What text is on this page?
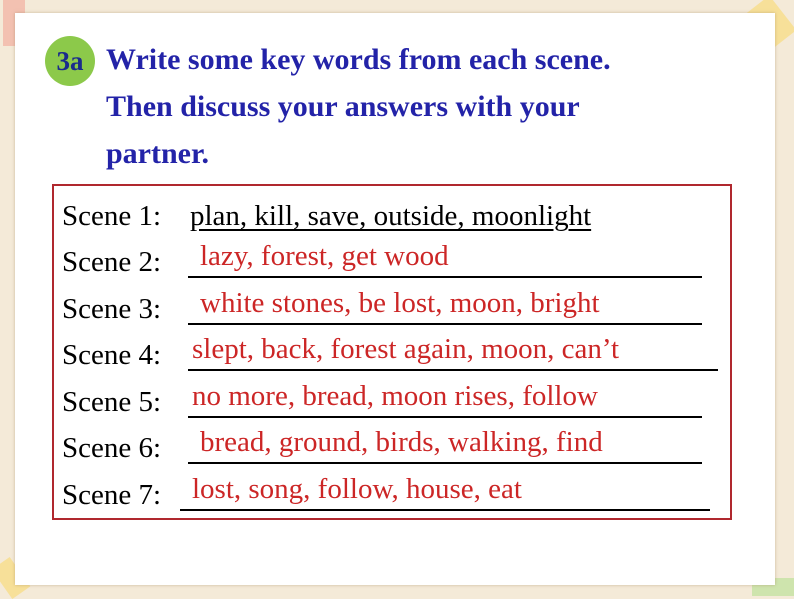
3a Write some key words from each scene.
Then discuss your answers with your
partner.
Scene 1: plan, kill, save, outside, moonlight
Scene 2: lazy, forest, get wood
Scene 3: white stones, be lost, moon, bright
Scene 4: slept, back, forest again, moon, can’t
Scene 5: no more, bread, moon rises, follow
Scene 6: bread, ground, birds, walking, find
Scene 7: lost, song, follow, house, eat
